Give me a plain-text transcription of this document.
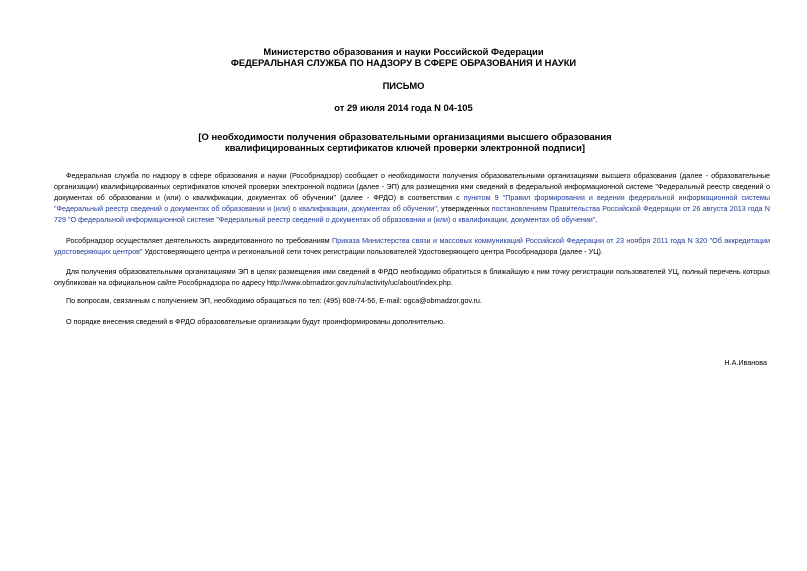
Министерство образования и науки Российской Федерации
ФЕДЕРАЛЬНАЯ СЛУЖБА ПО НАДЗОРУ В СФЕРЕ ОБРАЗОВАНИЯ И НАУКИ
ПИСЬМО
от 29 июля 2014 года N 04-105
[О необходимости получения образовательными организациями высшего образования квалифицированных сертификатов ключей проверки электронной подписи]

Федеральная служба по надзору в сфере образования и науки (Рособрнадзор) сообщает о необходимости получения образовательными организациями высшего образования (далее - образовательные организации) квалифицированных сертификатов ключей проверки электронной подписи (далее - ЭП) для размещения ими сведений в федеральной информационной системе "Федеральный реестр сведений о документах об образовании и (или) о квалификации, документах об обучении" (далее - ФРДО) в соответствии с пунктом 9 "Правил формирования и ведения федеральной информационной системы "Федеральный реестр сведений о документах об образовании и (или) о квалификации, документах об обучении", утвержденных постановлением Правительства Российской Федерации от 26 августа 2013 года N 729 "О федеральной информационной системе "Федеральный реестр сведений о документах об образовании и (или) о квалификации, документах об обучении".

Рособрнадзор осуществляет деятельность аккредитованного по требованиям Приказа Министерства связи и массовых коммуникаций Российской Федерации от 23 ноября 2011 года N 320 "Об аккредитации удостоверяющих центров" Удостоверяющего центра и региональной сети точек регистрации пользователей Удостоверяющего центра Рособрнадзора (далее - УЦ).

Для получения образовательными организациями ЭП в целях размещения ими сведений в ФРДО необходимо обратиться в ближайшую к ним точку регистрации пользователей УЦ, полный перечень которых опубликован на официальном сайте Рособрнадзора по адресу http://www.obrnadzor.gov.ru/ru/activity/uc/about/index.php.

По вопросам, связанным с получением ЭП, необходимо обращаться по тел: (495) 608-74-56, E-mail: ogca@obrnadzor.gov.ru.

О порядке внесения сведений в ФРДО образовательные организации будут проинформированы дополнительно.

Н.А.Иванова
